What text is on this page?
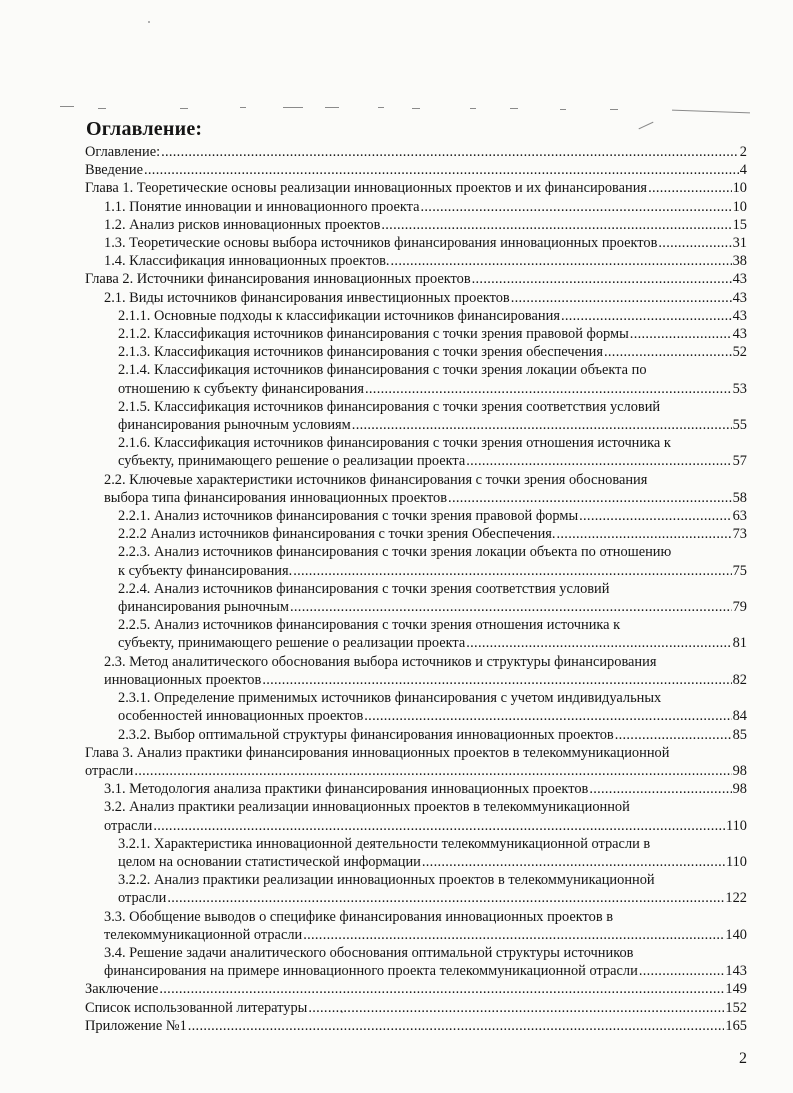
Оглавление:
Оглавление: .....	2
Введение .....	4
Глава 1. Теоретические основы реализации инновационных проектов и их финансирования .....	10
1.1. Понятие инновации и инновационного проекта .....	10
1.2. Анализ рисков инновационных проектов .....	15
1.3. Теоретические основы выбора источников финансирования инновационных проектов .....	31
1.4. Классификация инновационных проектов. .....	38
Глава 2. Источники финансирования инновационных проектов .....	43
2.1. Виды источников финансирования инвестиционных проектов .....	43
2.1.1. Основные подходы к классификации источников финансирования .....	43
2.1.2. Классификация источников финансирования с точки зрения правовой формы .....	43
2.1.3. Классификация источников финансирования с точки зрения обеспечения .....	52
2.1.4. Классификация источников финансирования с точки зрения локации объекта по
отношению к субъекту финансирования .....	53
2.1.5. Классификация источников финансирования с точки зрения соответствия условий
финансирования рыночным условиям .....	55
2.1.6. Классификация источников финансирования с точки зрения отношения источника к
субъекту, принимающего решение о реализации проекта .....	57
2.2. Ключевые характеристики источников финансирования с точки зрения обоснования
выбора типа финансирования инновационных проектов .....	58
2.2.1. Анализ источников финансирования с точки зрения правовой формы .....	63
2.2.2 Анализ источников финансирования с точки зрения Обеспечения. .....	73
2.2.3. Анализ источников финансирования с точки зрения локации объекта по отношению
к субъекту финансирования. .....	75
2.2.4. Анализ источников финансирования с точки зрения соответствия условий
финансирования рыночным .....	79
2.2.5. Анализ источников финансирования с точки зрения отношения источника к
субъекту, принимающего решение о реализации проекта .....	81
2.3. Метод аналитического обоснования выбора источников и структуры финансирования
инновационных проектов .....	82
2.3.1. Определение применимых источников финансирования с учетом индивидуальных
особенностей инновационных проектов .....	84
2.3.2. Выбор оптимальной структуры финансирования инновационных проектов .....	85
Глава 3. Анализ практики финансирования инновационных проектов в телекоммуникационной
отрасли .....	98
3.1. Методология анализа практики финансирования инновационных проектов .....	98
3.2. Анализ практики реализации инновационных проектов в телекоммуникационной
отрасли .....	110
3.2.1. Характеристика инновационной деятельности телекоммуникационной отрасли в
целом на основании статистической информации .....	110
3.2.2. Анализ практики реализации инновационных проектов в телекоммуникационной
отрасли .....	122
3.3. Обобщение выводов о специфике финансирования инновационных проектов в
телекоммуникационной отрасли .....	140
3.4. Решение задачи аналитического обоснования оптимальной структуры источников
финансирования на примере инновационного проекта телекоммуникационной отрасли .....	143
Заключение .....	149
Список использованной литературы .....	152
Приложение №1 .....	165
2
